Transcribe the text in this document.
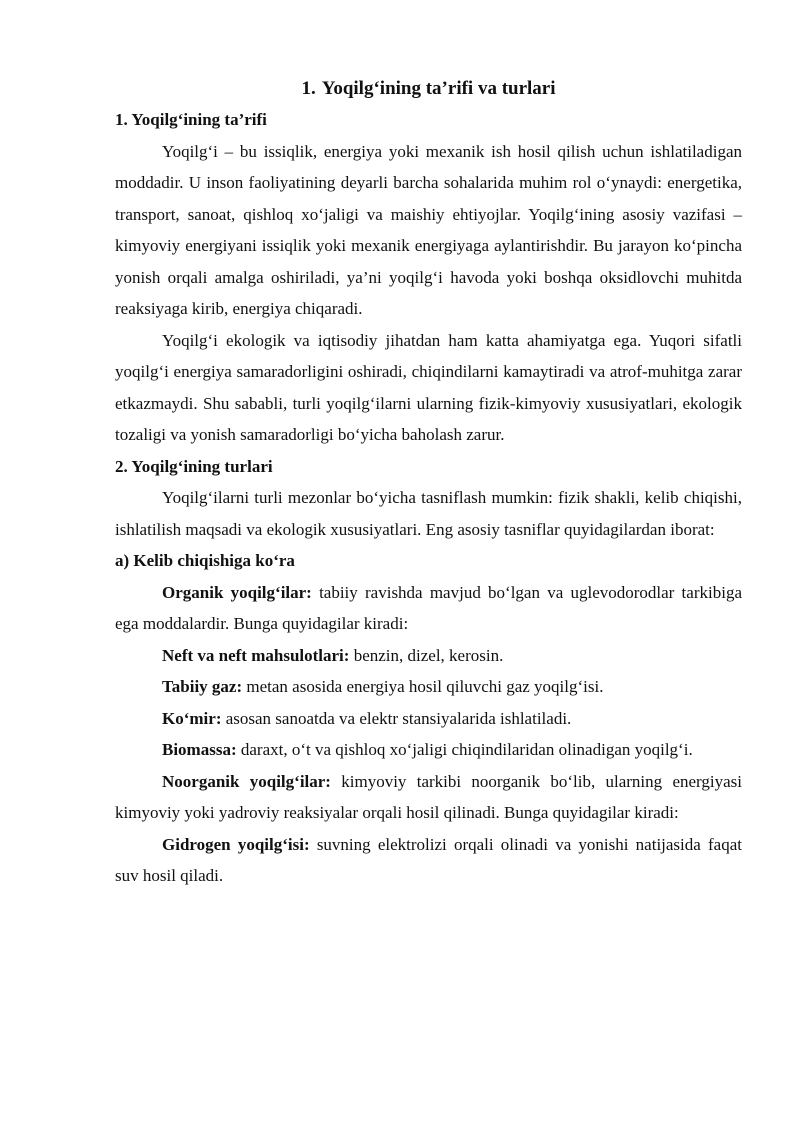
1. Yoqilg‘ining ta’rifi va turlari

1. Yoqilg‘ining ta’rifi

Yoqilg‘i – bu issiqlik, energiya yoki mexanik ish hosil qilish uchun ishlatiladigan moddadir. U inson faoliyatining deyarli barcha sohalarida muhim rol o‘ynaydi: energetika, transport, sanoat, qishloq xo‘jaligi va maishiy ehtiyojlar. Yoqilg‘ining asosiy vazifasi – kimyoviy energiyani issiqlik yoki mexanik energiyaga aylantirishdir. Bu jarayon ko‘pincha yonish orqali amalga oshiriladi, ya’ni yoqilg‘i havoda yoki boshqa oksidlovchi muhitda reaksiyaga kirib, energiya chiqaradi.

Yoqilg‘i ekologik va iqtisodiy jihatdan ham katta ahamiyatga ega. Yuqori sifatli yoqilg‘i energiya samaradorligini oshiradi, chiqindilarni kamaytiradi va atrof-muhitga zarar etkazmaydi. Shu sababli, turli yoqilg‘ilarni ularning fizik-kimyoviy xususiyatlari, ekologik tozaligi va yonish samaradorligi bo‘yicha baholash zarur.

2. Yoqilg‘ining turlari

Yoqilg‘ilarni turli mezonlar bo‘yicha tasniflash mumkin: fizik shakli, kelib chiqishi, ishlatilish maqsadi va ekologik xususiyatlari. Eng asosiy tasniflar quyidagilardan iborat:

a) Kelib chiqishiga ko‘ra

Organik yoqilg‘ilar: tabiiy ravishda mavjud bo‘lgan va uglevodorodlar tarkibiga ega moddalardir. Bunga quyidagilar kiradi:

Neft va neft mahsulotlari: benzin, dizel, kerosin.

Tabiiy gaz: metan asosida energiya hosil qiluvchi gaz yoqilg‘isi.

Ko‘mir: asosan sanoatda va elektr stansiyalarida ishlatiladi.

Biomassa: daraxt, o‘t va qishloq xo‘jaligi chiqindilaridan olinadigan yoqilg‘i.

Noorganik yoqilg‘ilar: kimyoviy tarkibi noorganik bo‘lib, ularning energiyasi kimyoviy yoki yadroviy reaksiyalar orqali hosil qilinadi. Bunga quyidagilar kiradi:

Gidrogen yoqilg‘isi: suvning elektrolizi orqali olinadi va yonishi natijasida faqat suv hosil qiladi.
